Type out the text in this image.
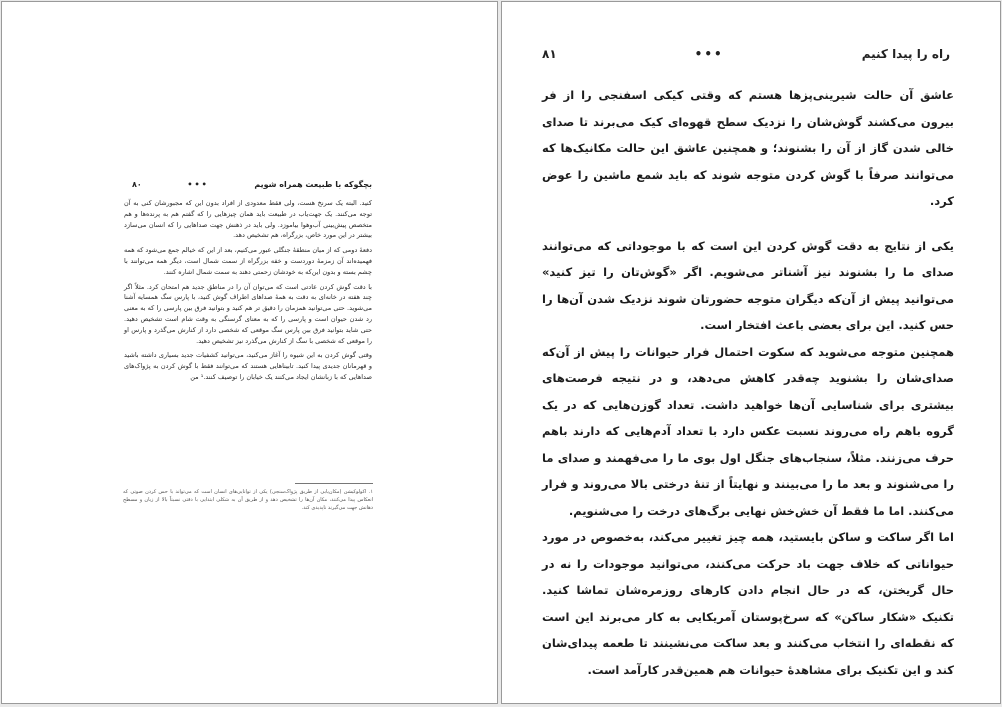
۸۰	•••	بچگوکه با طبیعت همراه شویم

کنید. البته یک سرنخ هست، ولی فقط معدودی از افراد بدون این که مجبورشان کنی به آن توجه می‌کنند. یک جهت‌یاب در طبیعت باید همان چیزهایی را که گفتم هم به پرنده‌ها و هم متخصص پیش‌بینی آب‌وهوا بیاموزد. ولی باید در ذهنش جهت صداهایی را که انسان می‌سازد بیشتر در این مورد خاص، بزرگراه، هم تشخیص دهد.

دفعهٔ دومی که از میان منطقهٔ جنگلی عبور می‌کنیم، بعد از این که خیالم جمع می‌شود که همه فهمیده‌اند آن زمزمهٔ دوردست و خفه بزرگراه از سمت شمال است، دیگر همه می‌توانند با چشم بسته و بدون این‌که به خودشان زحمتی دهند به سمت شمال اشاره کنند.

با دقت گوش کردن عادتی است که می‌توان آن را در مناطق جدید هم امتحان کرد. مثلاً اگر چند هفته در خانه‌ای به دقت به همهٔ صداهای اطراف گوش کنید، با پارس سگ همسایه آشنا می‌شوید. حتی می‌توانید همزمان را دقیق تر هم کنید و بتوانید فرق بین پارسی را که به معنی رد شدن حیوان است و پارسی را که به معنای گرسنگی به وقت شام است تشخیص دهید. حتی شاید بتوانید فرق بین پارس سگ موقعی که شخصی دارد از کنارش می‌گذرد و پارس او را موقعی که شخصی با سگ از کنارش می‌گذرد نیز تشخیص دهید.

وقتی گوش کردن به این شیوه را آغاز می‌کنید، می‌توانید کشفیات جدید بسیاری داشته باشید و قهرمانان جدیدی پیدا کنید. تابیناهایی هستند که می‌توانند فقط با گوش کردن به پژواک‌های صداهایی که با زبانشان ایجاد می‌کنند یک خیابان را توصیف کنند.¹ من

۱. اکولوکیشن (مکان‌یابی از طریق پژواک‌سنجی) یکی از توانایی‌های انسان است که می‌تواند با حس کردن صوتی که انعکاس پیدا می‌کنند، مکان آن‌ها را تشخیص دهد و از طریق آن به شکلی ابتدایی با دقتی نسبتاً بالا از زبان و مسطح دهانش جهت می‌گیرند ناپدیدی کند.
۸۱	•••	راه را پیدا کنیم

عاشق آن حالت شیرینی‌پزها هستم که وقتی کیکی اسفنجی را از فر بیرون می‌کشند گوش‌شان را نزدیک سطح قهوه‌ای کیک می‌برند تا صدای خالی شدن گاز از آن را بشنوند؛ و همچنین عاشق این حالت مکانیک‌ها که می‌توانند صرفاً با گوش کردن متوجه شوند که باید شمع ماشین را عوض کرد.

یکی از نتایج به دقت گوش کردن این است که با موجوداتی که می‌توانند صدای ما را بشنوند نیز آشناتر می‌شویم. اگر «گوش‌تان را تیز کنید» می‌توانید پیش از آن‌که دیگران متوجه حضورتان شوند نزدیک شدن آن‌ها را حس کنید. این برای بعضی باعث افتخار است.

همچنین متوجه می‌شوید که سکوت احتمال فرار حیوانات را پیش از آن‌که صدای‌شان را بشنوید چه‌قدر کاهش می‌دهد، و در نتیجه فرصت‌های بیشتری برای شناسایی آن‌ها خواهید داشت. تعداد گوزن‌هایی که در یک گروه باهم راه می‌روند نسبت عکس دارد با تعداد آدم‌هایی که دارند باهم حرف می‌زنند. مثلاً، سنجاب‌های جنگل اول بوی ما را می‌فهمند و صدای ما را می‌شنوند و بعد ما را می‌بینند و نهایتاً از تنهٔ درختی بالا می‌روند و فرار می‌کنند. اما ما فقط آن خش‌خش نهایی برگ‌های درخت را می‌شنویم.

اما اگر ساکت و ساکن بایستید، همه چیز تغییر می‌کند، به‌خصوص در مورد حیواناتی که خلاف جهت باد حرکت می‌کنند، می‌توانید موجودات را نه در حال گریختن، که در حال انجام دادن کارهای روزمره‌شان تماشا کنید. تکنیک «شکار ساکن» که سرخ‌پوستان آمریکایی به کار می‌برند این است که نقطه‌ای را انتخاب می‌کنند و بعد ساکت می‌نشینند تا طعمه پیدای‌شان کند و این تکنیک برای مشاهدهٔ حیوانات هم همین‌قدر کارآمد است.
